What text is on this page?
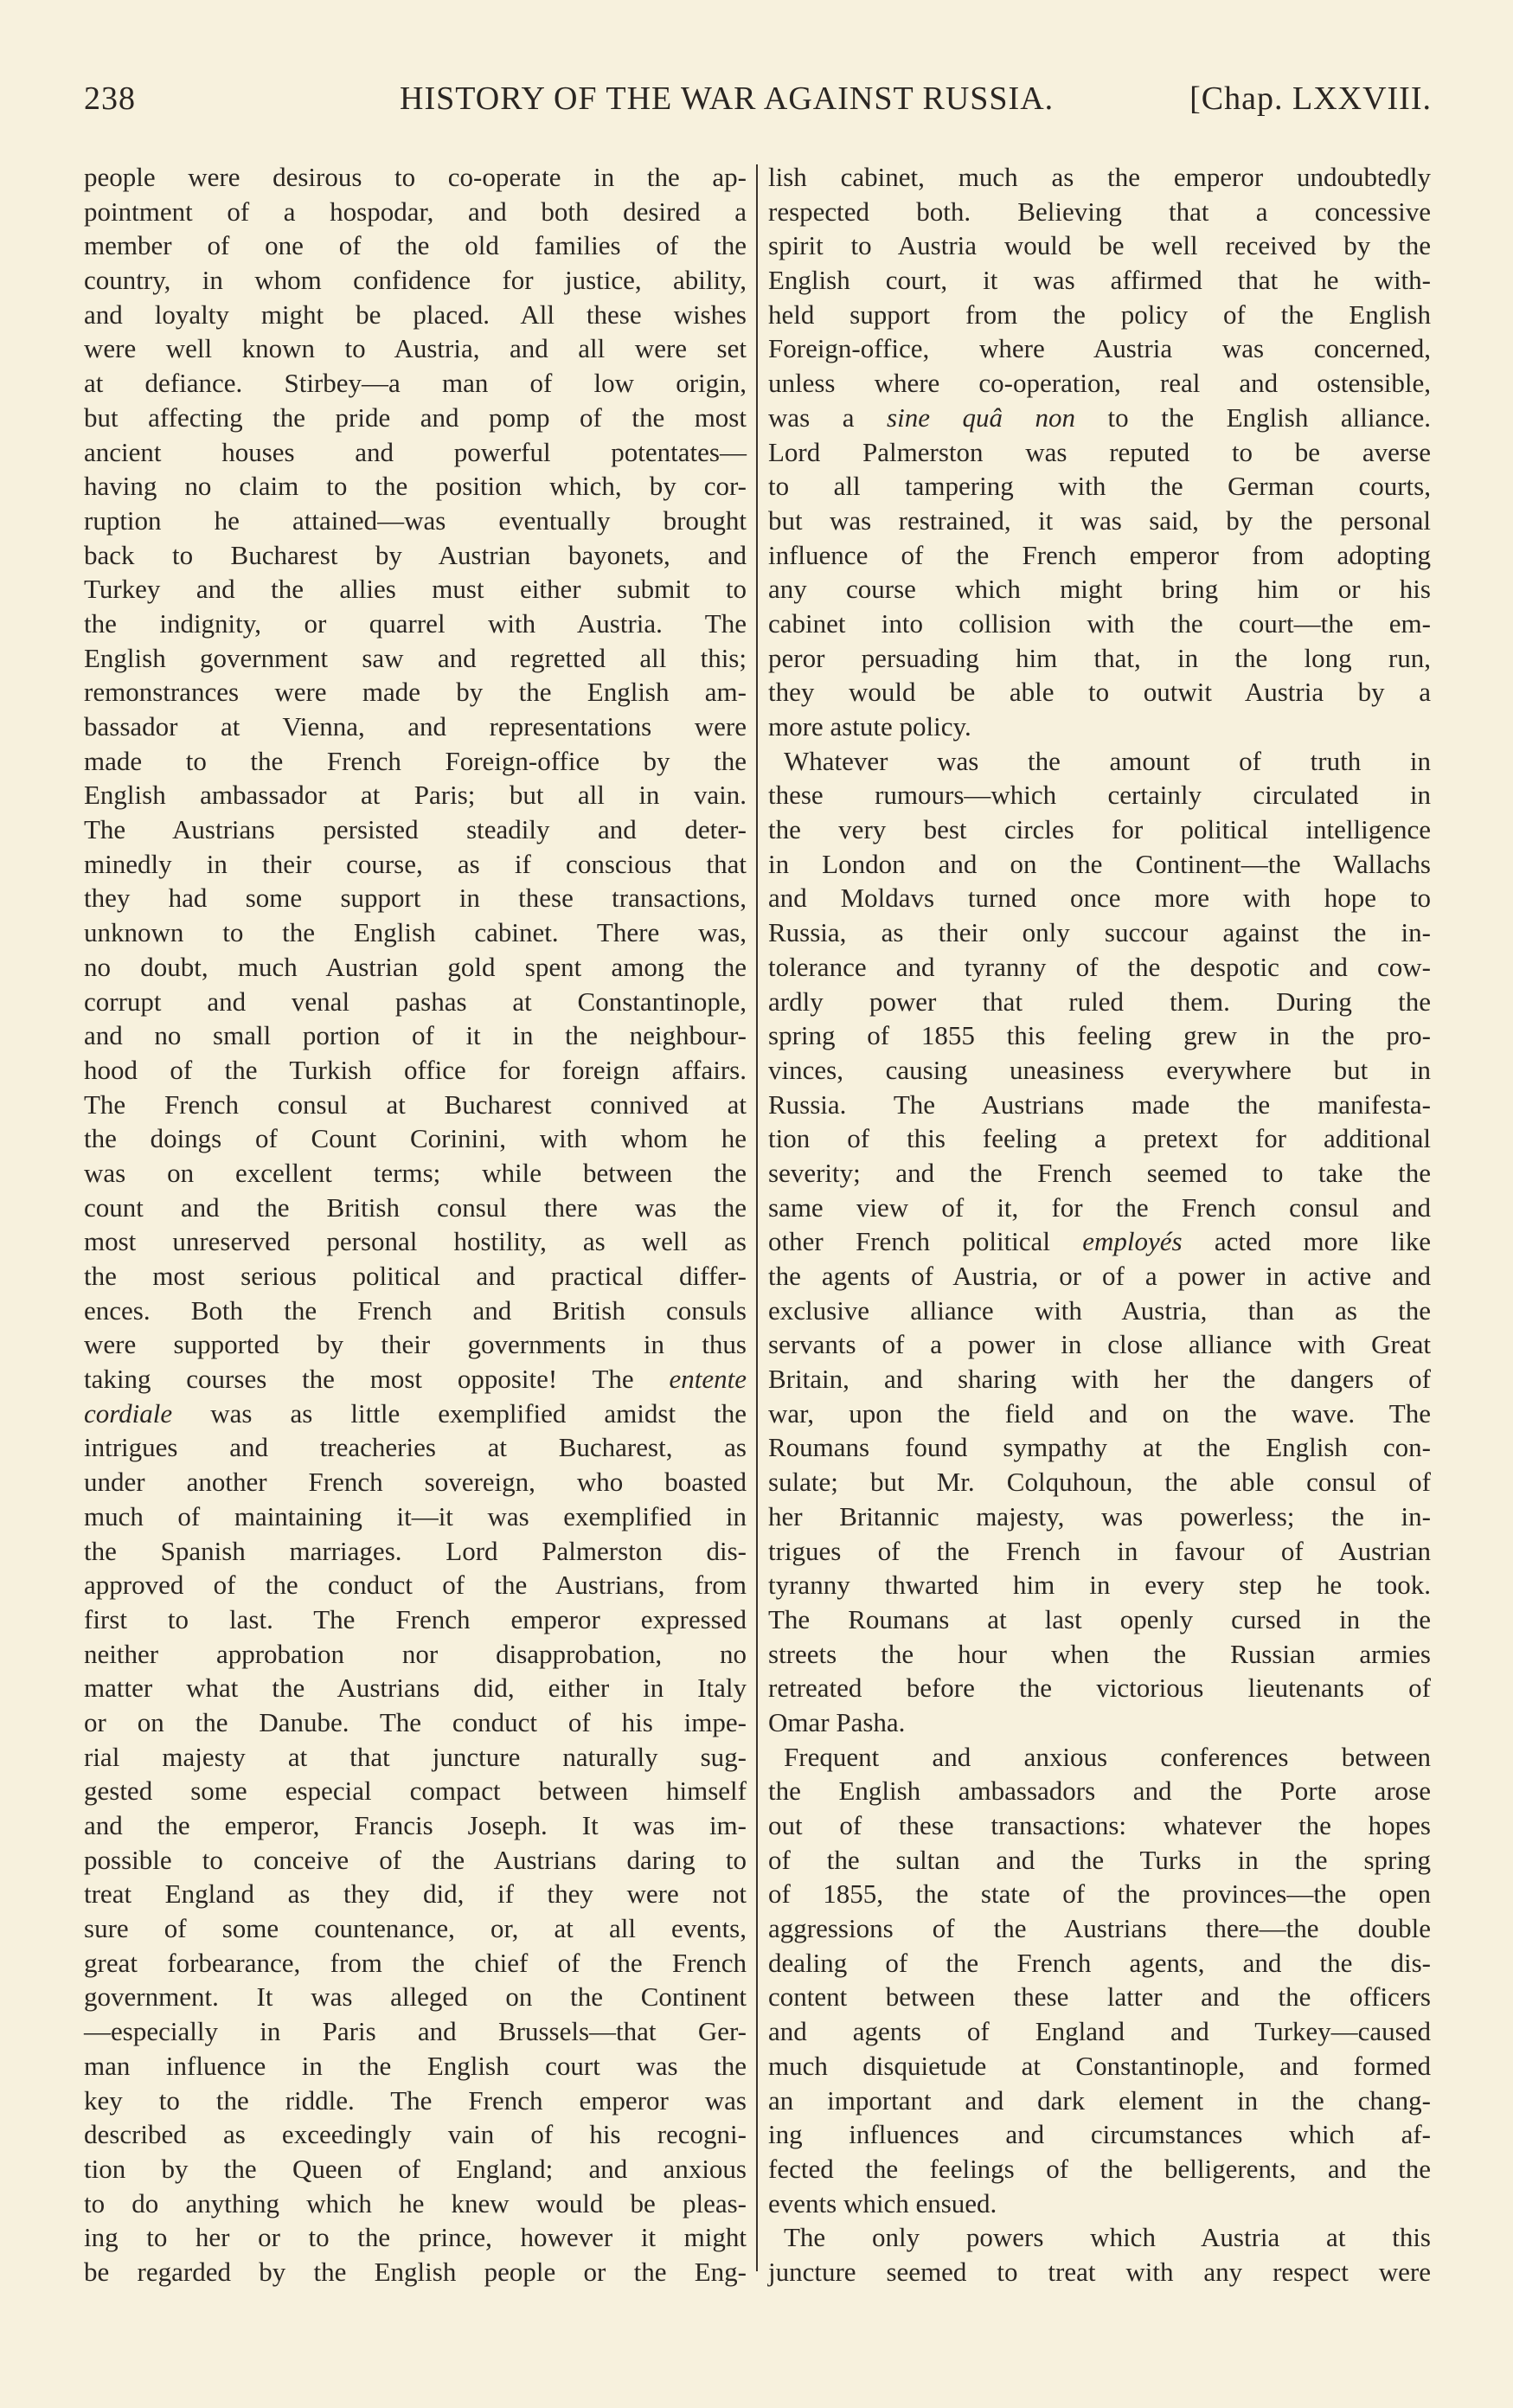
238	HISTORY OF THE WAR AGAINST RUSSIA.	[Chap. LXXVIII.
people were desirous to co-operate in the ap-
pointment of a hospodar, and both desired a
member of one of the old families of the
country, in whom confidence for justice, ability,
and loyalty might be placed. All these wishes
were well known to Austria, and all were set
at defiance. Stirbey—a man of low origin,
but affecting the pride and pomp of the most
ancient houses and powerful potentates—
having no claim to the position which, by cor-
ruption he attained—was eventually brought
back to Bucharest by Austrian bayonets, and
Turkey and the allies must either submit to
the indignity, or quarrel with Austria. The
English government saw and regretted all this;
remonstrances were made by the English am-
bassador at Vienna, and representations were
made to the French Foreign-office by the
English ambassador at Paris; but all in vain.
The Austrians persisted steadily and deter-
minedly in their course, as if conscious that
they had some support in these transactions,
unknown to the English cabinet. There was,
no doubt, much Austrian gold spent among the
corrupt and venal pashas at Constantinople,
and no small portion of it in the neighbour-
hood of the Turkish office for foreign affairs.
The French consul at Bucharest connived at
the doings of Count Corinini, with whom he
was on excellent terms; while between the
count and the British consul there was the
most unreserved personal hostility, as well as
the most serious political and practical differ-
ences. Both the French and British consuls
were supported by their governments in thus
taking courses the most opposite! The entente
cordiale was as little exemplified amidst the
intrigues and treacheries at Bucharest, as
under another French sovereign, who boasted
much of maintaining it—it was exemplified in
the Spanish marriages. Lord Palmerston dis-
approved of the conduct of the Austrians, from
first to last. The French emperor expressed
neither approbation nor disapprobation, no
matter what the Austrians did, either in Italy
or on the Danube. The conduct of his impe-
rial majesty at that juncture naturally sug-
gested some especial compact between himself
and the emperor, Francis Joseph. It was im-
possible to conceive of the Austrians daring to
treat England as they did, if they were not
sure of some countenance, or, at all events,
great forbearance, from the chief of the French
government. It was alleged on the Continent
—especially in Paris and Brussels—that Ger-
man influence in the English court was the
key to the riddle. The French emperor was
described as exceedingly vain of his recogni-
tion by the Queen of England; and anxious
to do anything which he knew would be pleas-
ing to her or to the prince, however it might
be regarded by the English people or the Eng-
lish cabinet, much as the emperor undoubtedly
respected both. Believing that a concessive
spirit to Austria would be well received by the
English court, it was affirmed that he with-
held support from the policy of the English
Foreign-office, where Austria was concerned,
unless where co-operation, real and ostensible,
was a sine quâ non to the English alliance.
Lord Palmerston was reputed to be averse
to all tampering with the German courts,
but was restrained, it was said, by the personal
influence of the French emperor from adopting
any course which might bring him or his
cabinet into collision with the court—the em-
peror persuading him that, in the long run,
they would be able to outwit Austria by a
more astute policy.
Whatever was the amount of truth in
these rumours—which certainly circulated in
the very best circles for political intelligence
in London and on the Continent—the Wallachs
and Moldavs turned once more with hope to
Russia, as their only succour against the in-
tolerance and tyranny of the despotic and cow-
ardly power that ruled them. During the
spring of 1855 this feeling grew in the pro-
vinces, causing uneasiness everywhere but in
Russia. The Austrians made the manifesta-
tion of this feeling a pretext for additional
severity; and the French seemed to take the
same view of it, for the French consul and
other French political employés acted more like
the agents of Austria, or of a power in active and
exclusive alliance with Austria, than as the
servants of a power in close alliance with Great
Britain, and sharing with her the dangers of
war, upon the field and on the wave. The
Roumans found sympathy at the English con-
sulate; but Mr. Colquhoun, the able consul of
her Britannic majesty, was powerless; the in-
trigues of the French in favour of Austrian
tyranny thwarted him in every step he took.
The Roumans at last openly cursed in the
streets the hour when the Russian armies
retreated before the victorious lieutenants of
Omar Pasha.
Frequent and anxious conferences between
the English ambassadors and the Porte arose
out of these transactions: whatever the hopes
of the sultan and the Turks in the spring
of 1855, the state of the provinces—the open
aggressions of the Austrians there—the double
dealing of the French agents, and the dis-
content between these latter and the officers
and agents of England and Turkey—caused
much disquietude at Constantinople, and formed
an important and dark element in the chang-
ing influences and circumstances which af-
fected the feelings of the belligerents, and the
events which ensued.
The only powers which Austria at this
juncture seemed to treat with any respect were
